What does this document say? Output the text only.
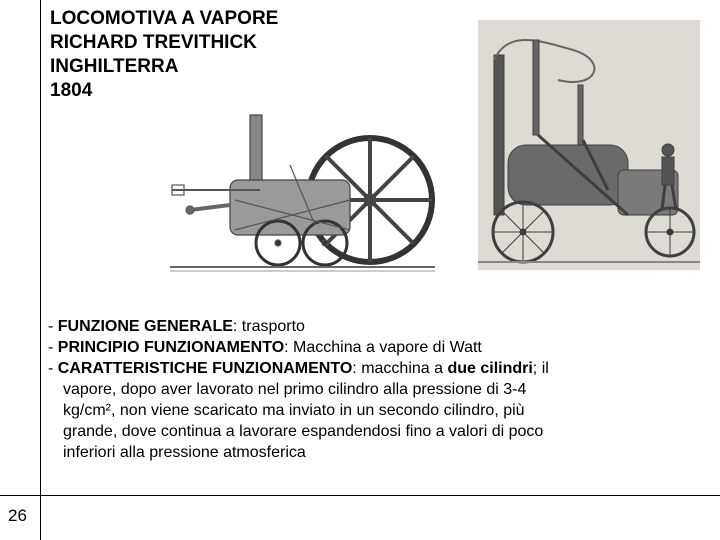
LOCOMOTIVA A VAPORE
RICHARD TREVITHICK
INGHILTERRA
1804
- FUNZIONE GENERALE: trasporto
- PRINCIPIO FUNZIONAMENTO: Macchina a vapore di Watt
- CARATTERISTICHE FUNZIONAMENTO: macchina a due cilindri; il
vapore, dopo aver lavorato nel primo cilindro alla pressione di 3-4
kg/cm², non viene scaricato ma inviato in un secondo cilindro, più
grande, dove continua a lavorare espandendosi fino a valori di poco
inferiori alla pressione atmosferica
26
